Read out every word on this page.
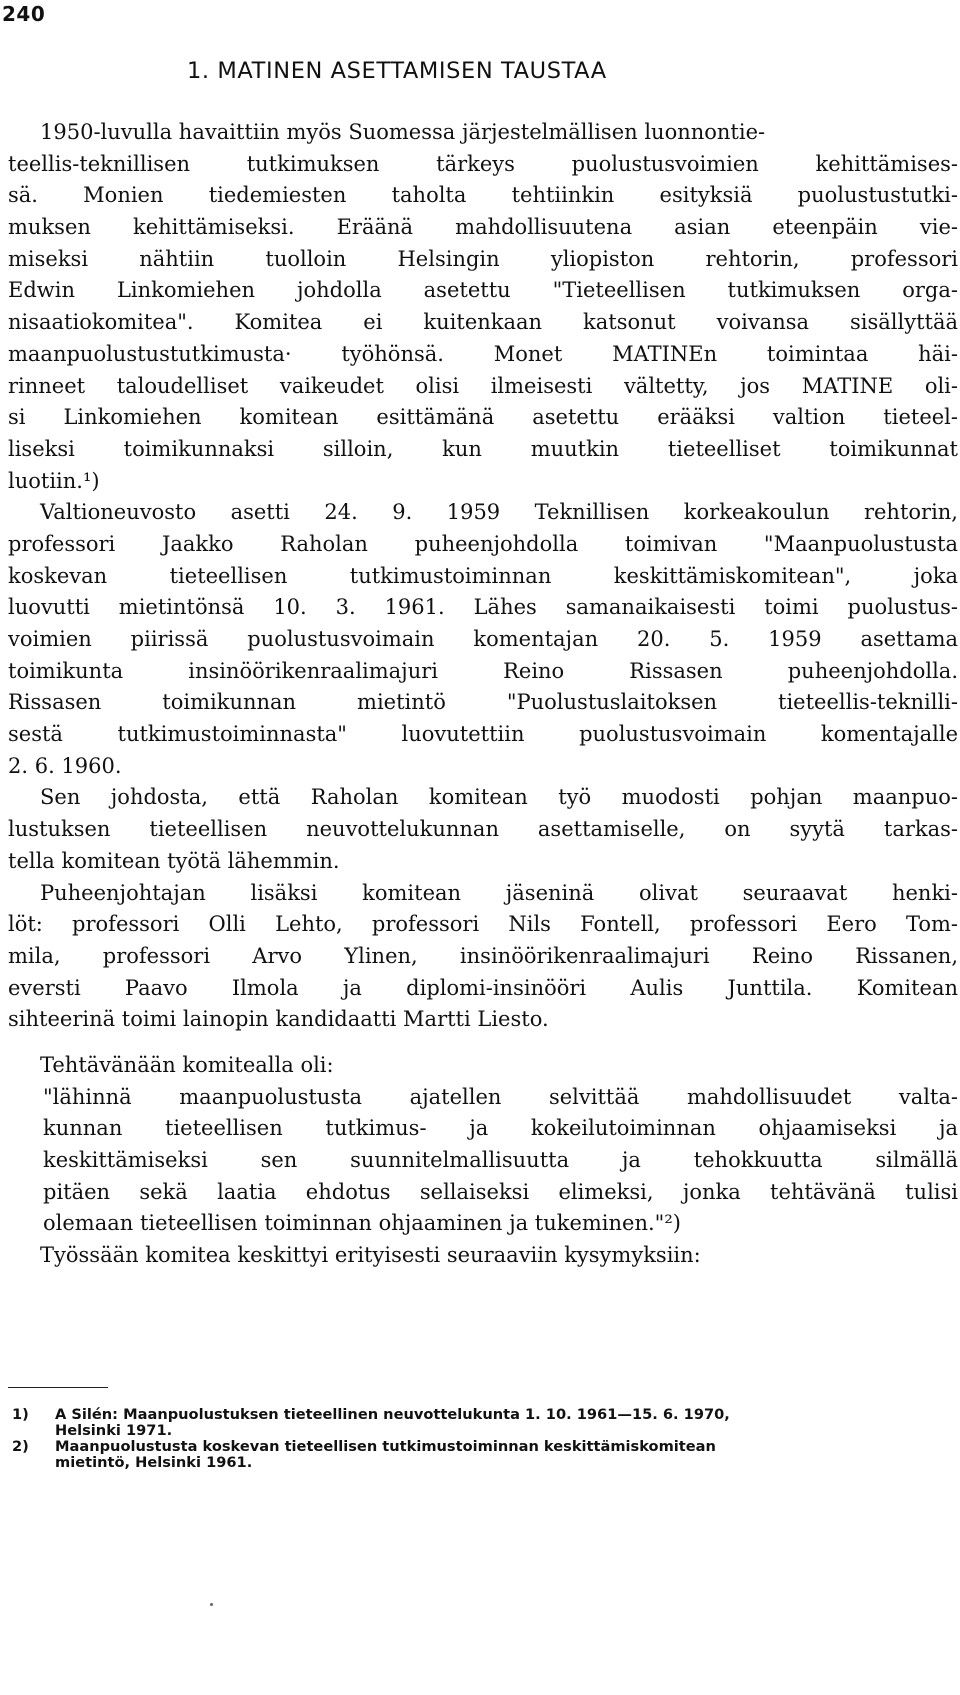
240
1. MATINEN ASETTAMISEN TAUSTAA
1950-luvulla havaittiin myös Suomessa järjestelmällisen luonnontie-
teellis-teknillisen tutkimuksen tärkeys puolustusvoimien kehittämises-
sä. Monien tiedemiesten taholta tehtiinkin esityksiä puolustustutki-
muksen kehittämiseksi. Eräänä mahdollisuutena asian eteenpäin vie-
miseksi nähtiin tuolloin Helsingin yliopiston rehtorin, professori
Edwin Linkomiehen johdolla asetettu "Tieteellisen tutkimuksen orga-
nisaatiokomitea". Komitea ei kuitenkaan katsonut voivansa sisällyttää
maanpuolustustutkimusta· työhönsä. Monet MATINEn toimintaa häi-
rinneet taloudelliset vaikeudet olisi ilmeisesti vältetty, jos MATINE oli-
si Linkomiehen komitean esittämänä asetettu erääksi valtion tieteel-
liseksi toimikunnaksi silloin, kun muutkin tieteelliset toimikunnat
luotiin.¹)
Valtioneuvosto asetti 24. 9. 1959 Teknillisen korkeakoulun rehtorin,
professori Jaakko Raholan puheenjohdolla toimivan "Maanpuolustusta
koskevan tieteellisen tutkimustoiminnan keskittämiskomitean", joka
luovutti mietintönsä 10. 3. 1961. Lähes samanaikaisesti toimi puolustus-
voimien piirissä puolustusvoimain komentajan 20. 5. 1959 asettama
toimikunta insinöörikenraalimajuri Reino Rissasen puheenjohdolla.
Rissasen toimikunnan mietintö "Puolustuslaitoksen tieteellis-teknilli-
sestä tutkimustoiminnasta" luovutettiin puolustusvoimain komentajalle
2. 6. 1960.
Sen johdosta, että Raholan komitean työ muodosti pohjan maanpuo-
lustuksen tieteellisen neuvottelukunnan asettamiselle, on syytä tarkas-
tella komitean työtä lähemmin.
Puheenjohtajan lisäksi komitean jäseninä olivat seuraavat henki-
löt: professori Olli Lehto, professori Nils Fontell, professori Eero Tom-
mila, professori Arvo Ylinen, insinöörikenraalimajuri Reino Rissanen,
eversti Paavo Ilmola ja diplomi-insinööri Aulis Junttila. Komitean
sihteerinä toimi lainopin kandidaatti Martti Liesto.
Tehtävänään komitealla oli:
"lähinnä maanpuolustusta ajatellen selvittää mahdollisuudet valta-
kunnan tieteellisen tutkimus- ja kokeilutoiminnan ohjaamiseksi ja
keskittämiseksi sen suunnitelmallisuutta ja tehokkuutta silmällä
pitäen sekä laatia ehdotus sellaiseksi elimeksi, jonka tehtävänä tulisi
olemaan tieteellisen toiminnan ohjaaminen ja tukeminen."²)
Työssään komitea keskittyi erityisesti seuraaviin kysymyksiin:
1) A Silén: Maanpuolustuksen tieteellinen neuvottelukunta 1. 10. 1961—15. 6. 1970,
Helsinki 1971.
2) Maanpuolustusta koskevan tieteellisen tutkimustoiminnan keskittämiskomitean
mietintö, Helsinki 1961.
